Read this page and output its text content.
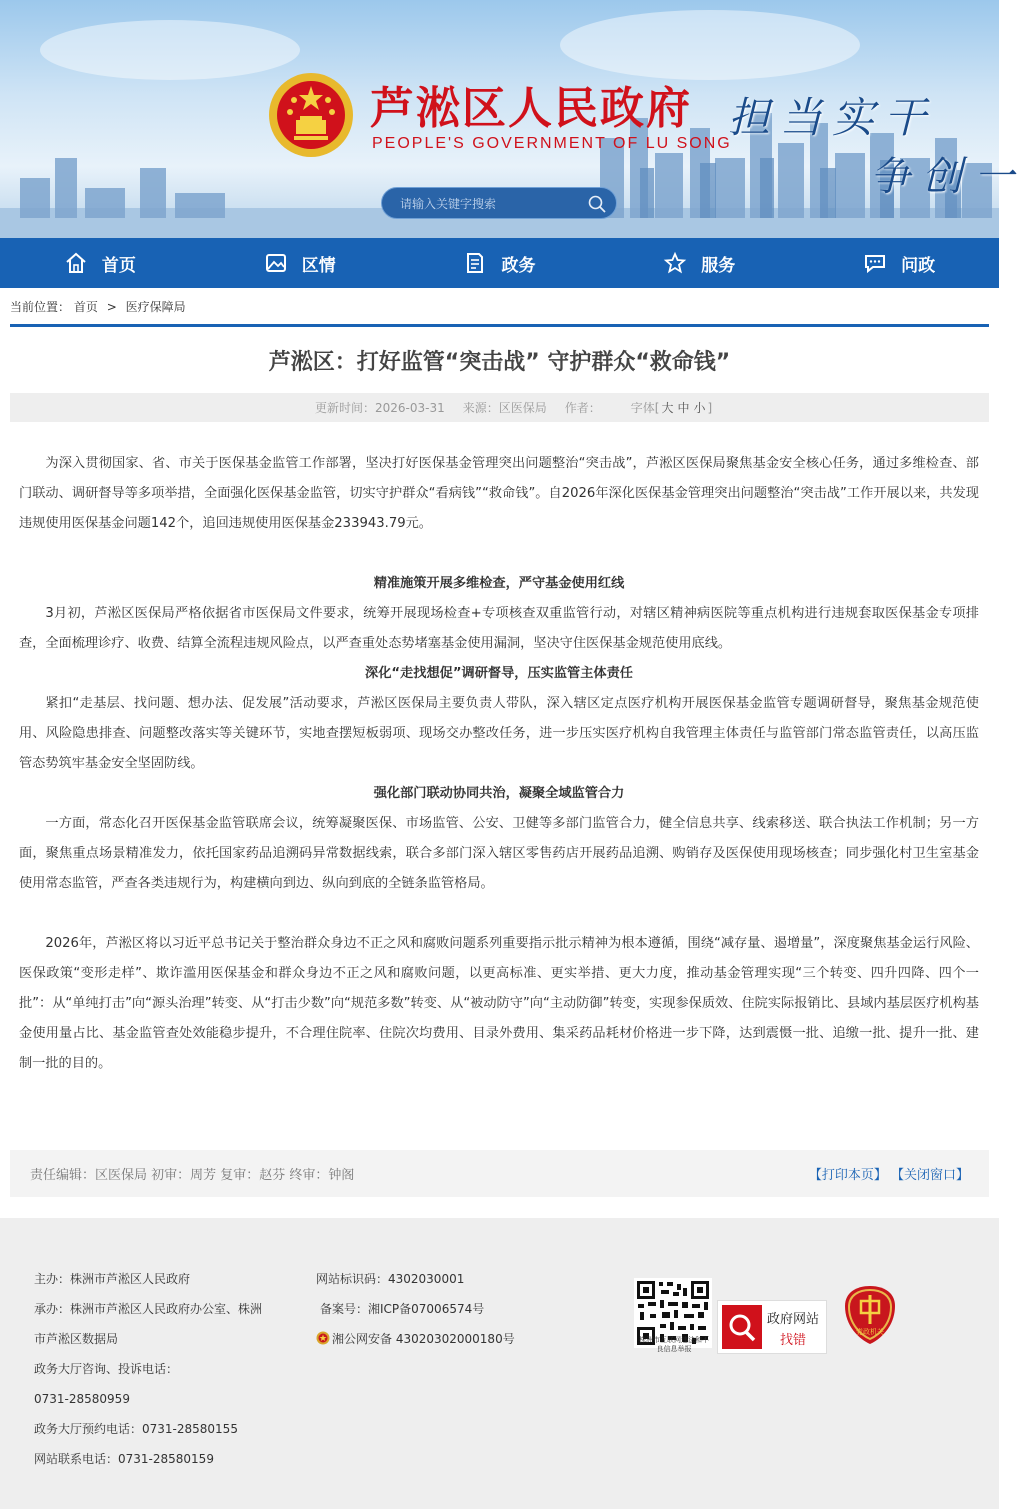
芦淞区人民政府
PEOPLE'S GOVERNMENT OF LU SONG
担当实干
争创一
请输入关键字搜索
首页	区情	政务	服务	问政
当前位置： 首页 > 医疗保障局
芦淞区：打好监管“突击战” 守护群众“救命钱”
更新时间：2026-03-31 来源：区医保局 作者：	字体[ 大 中 小 ]

为深入贯彻国家、省、市关于医保基金监管工作部署，坚决打好医保基金管理突出问题整治“突击战”，芦淞区医保局聚焦基金安全核心任务，通过多维检查、部门联动、调研督导等多项举措，全面强化医保基金监管，切实守护群众“看病钱”“救命钱”。自2026年深化医保基金管理突出问题整治“突击战”工作开展以来，共发现违规使用医保基金问题142个，追回违规使用医保基金233943.79元。

精准施策开展多维检查，严守基金使用红线

3月初，芦淞区医保局严格依据省市医保局文件要求，统筹开展现场检查+专项核查双重监管行动，对辖区精神病医院等重点机构进行违规套取医保基金专项排查，全面梳理诊疗、收费、结算全流程违规风险点，以严查重处态势堵塞基金使用漏洞，坚决守住医保基金规范使用底线。

深化“走找想促”调研督导，压实监管主体责任

紧扣“走基层、找问题、想办法、促发展”活动要求，芦淞区医保局主要负责人带队，深入辖区定点医疗机构开展医保基金监管专题调研督导，聚焦基金规范使用、风险隐患排查、问题整改落实等关键环节，实地查摆短板弱项、现场交办整改任务，进一步压实医疗机构自我管理主体责任与监管部门常态监管责任，以高压监管态势筑牢基金安全坚固防线。

强化部门联动协同共治，凝聚全域监管合力

一方面，常态化召开医保基金监管联席会议，统筹凝聚医保、市场监管、公安、卫健等多部门监管合力，健全信息共享、线索移送、联合执法工作机制；另一方面，聚焦重点场景精准发力，依托国家药品追溯码异常数据线索，联合多部门深入辖区零售药店开展药品追溯、购销存及医保使用现场核查；同步强化村卫生室基金使用常态监管，严查各类违规行为，构建横向到边、纵向到底的全链条监管格局。

2026年，芦淞区将以习近平总书记关于整治群众身边不正之风和腐败问题系列重要指示批示精神为根本遵循，围绕“减存量、遏增量”，深度聚焦基金运行风险、医保政策“变形走样”、欺诈滥用医保基金和群众身边不正之风和腐败问题，以更高标准、更实举措、更大力度，推动基金管理实现“三个转变、四升四降、四个一批”：从“单纯打击”向“源头治理”转变、从“打击少数”向“规范多数”转变、从“被动防守”向“主动防御”转变，实现参保质效、住院实际报销比、县域内基层医疗机构基金使用量占比、基金监管查处效能稳步提升，不合理住院率、住院次均费用、目录外费用、集采药品耗材价格进一步下降，达到震慑一批、追缴一批、提升一批、建制一批的目的。

责任编辑：区医保局 初审：周芳 复审：赵芬 终审：钟阁	【打印本页】 【关闭窗口】
主办：株洲市芦淞区人民政府
承办：株洲市芦淞区人民政府办公室、株洲市芦淞区数据局
政务大厅咨询、投诉电话：
0731-28580959
政务大厅预约电话：0731-28580155
网站联系电话：0731-28580159
网站标识码：4302030001
备案号：湘ICP备07006574号
湘公网安备 43020302000180号	株洲市互联网违法和不良信息举报
政府网站
找错
党政机关
